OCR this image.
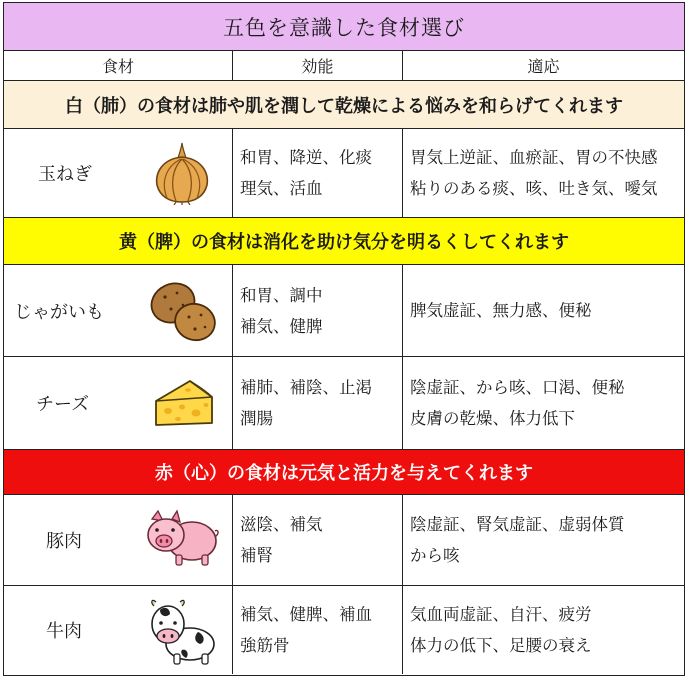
五色を意識した食材選び
食材	効能	適応
白（肺）の食材は肺や肌を潤して乾燥による悩みを和らげてくれます
玉ねぎ
和胃、降逆、化痰
理気、活血
胃気上逆証、血瘀証、胃の不快感
粘りのある痰、咳、吐き気、噯気
黄（脾）の食材は消化を助け気分を明るくしてくれます
じゃがいも
和胃、調中
補気、健脾
脾気虚証、無力感、便秘
チーズ
補肺、補陰、止渇
潤腸
陰虚証、から咳、口渇、便秘
皮膚の乾燥、体力低下
赤（心）の食材は元気と活力を与えてくれます
豚肉
滋陰、補気
補腎
陰虚証、腎気虚証、虚弱体質
から咳
牛肉
補気、健脾、補血
強筋骨
気血両虚証、自汗、疲労
体力の低下、足腰の衰え
